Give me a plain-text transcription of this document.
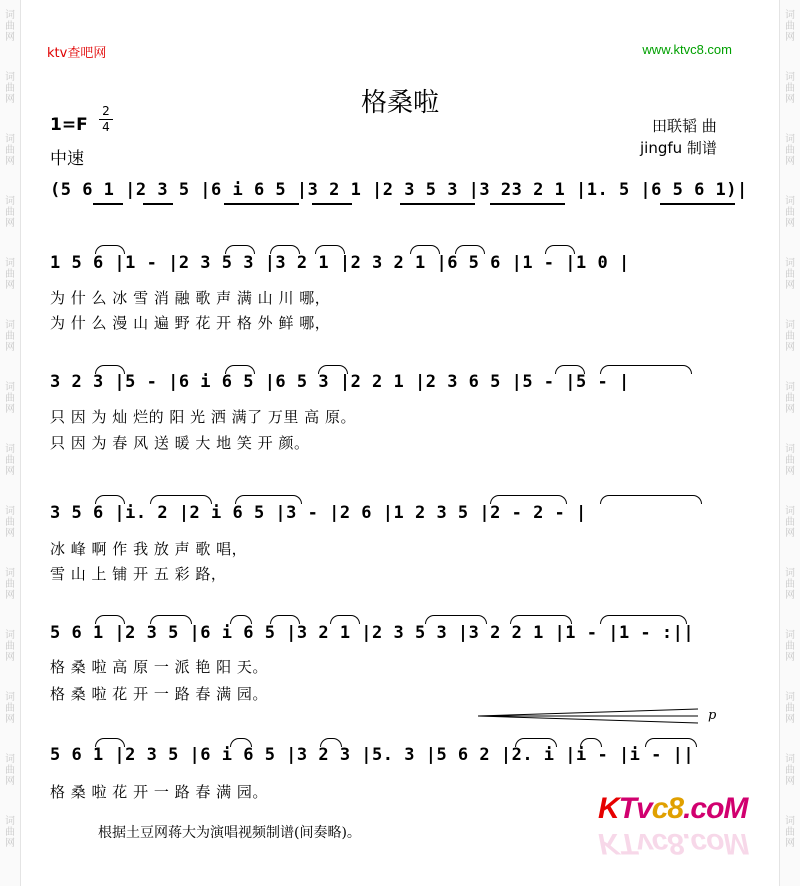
词
曲
网
词
曲
网
词
曲
网
词
曲
网
词
曲
网
词
曲
网
词
曲
网
词
曲
网
词
曲
网
词
曲
网
词
曲
网
词
曲
网
词
曲
网
词
曲
网
词
曲
网
词
曲
网
词
曲
网
词
曲
网
词
曲
网
词
曲
网
词
曲
网
词
曲
网
词
曲
网
词
曲
网
词
曲
网
词
曲
网
词
曲
网
词
曲
网
ktv查吧网	www.ktvc8.com
格桑啦
1=F
2
4
中速
田联韬 曲
jingfu 制谱
(5 6 1 |2 3 5 |6 i 6 5 |3 2 1 |2 3 5 3 |3 23 2 1 |1. 5 |6 5 6 1)|
1 5 6 |1 - |2 3 5 3 |3 2 1 |2 3 2 1 |6 5 6 |1 - |1 0 |
为 什 么 冰 雪 消 融 歌 声 满 山 川 哪，
为 什 么 漫 山 遍 野 花 开 格 外 鲜 哪，
3 2 3 |5 - |6 i 6 5 |6 5 3 |2 2 1 |2 3 6 5 |5 - |5 - |
只 因 为 灿 烂的 阳 光 洒 满了 万里 高 原。
只 因 为 春 风 送 暖 大 地 笑 开 颜。
3 5 6 |i. 2 |2 i 6 5 |3 - |2 6 |1 2 3 5 |2 - 2 - |
冰 峰 啊 作 我 放 声 歌 唱，
雪 山 上 铺 开 五 彩 路，
5 6 1 |2 3 5 |6 i 6 5 |3 2 1 |2 3 5 3 |3 2 2 1 |1 - |1 - :||
格 桑 啦 高 原 一 派 艳 阳 天。
格 桑 啦 花 开 一 路 春 满 园。
p
5 6 1 |2 3 5 |6 i 6 5 |3 2 3 |5. 3 |5 6 2 |2. i |i - |i - ||
格 桑 啦 花 开 一 路 春 满 园。
根据土豆网蒋大为演唱视频制谱(间奏略)。
KTvc8.coM
KTvc8.coM
